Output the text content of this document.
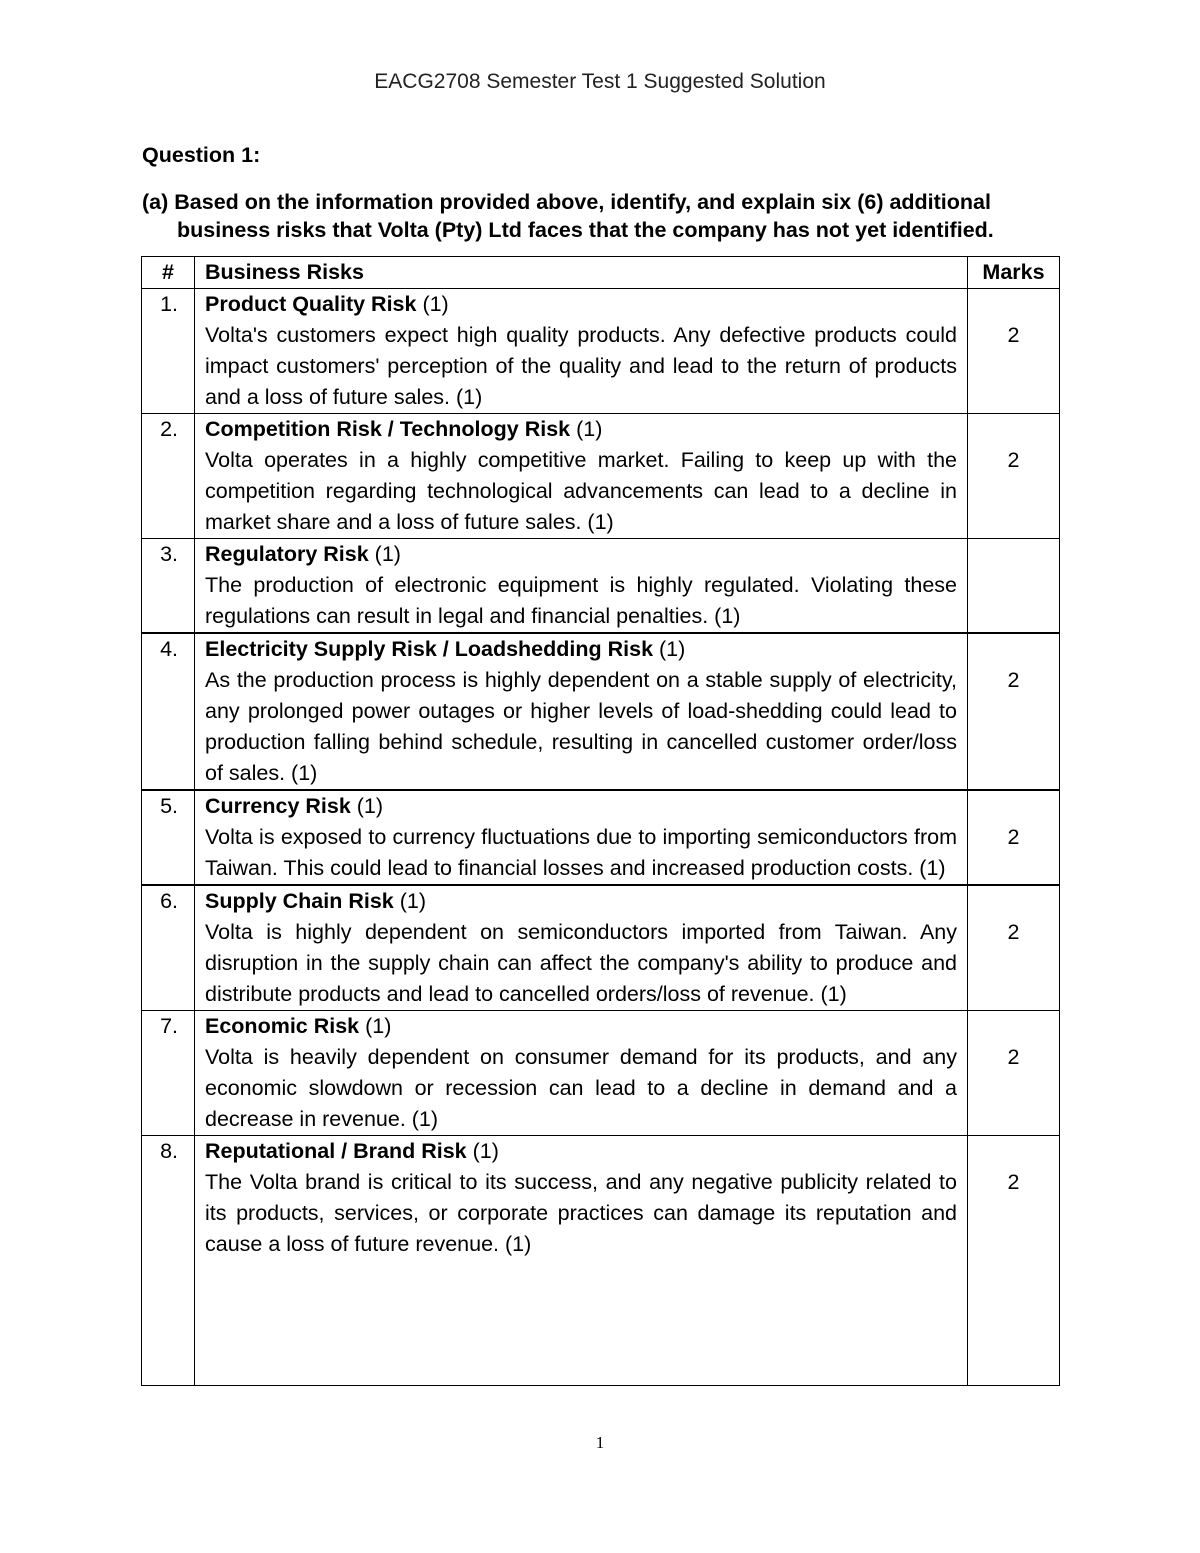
EACG2708 Semester Test 1 Suggested Solution
Question 1:
(a) Based on the information provided above, identify, and explain six (6) additional
business risks that Volta (Pty) Ltd faces that the company has not yet identified.
#	Business Risks	Marks
1.	Product Quality Risk (1)
Volta's customers expect high quality products. Any defective products could impact customers' perception of the quality and lead to the return of products and a loss of future sales. (1)	2
2.	Competition Risk / Technology Risk (1)
Volta operates in a highly competitive market. Failing to keep up with the competition regarding technological advancements can lead to a decline in market share and a loss of future sales. (1)	2
3.	Regulatory Risk (1)
The production of electronic equipment is highly regulated. Violating these regulations can result in legal and financial penalties. (1)	

4.	Electricity Supply Risk / Loadshedding Risk (1)
As the production process is highly dependent on a stable supply of electricity, any prolonged power outages or higher levels of load-shedding could lead to production falling behind schedule, resulting in cancelled customer order/loss of sales. (1)	2
5.	Currency Risk (1)
Volta is exposed to currency fluctuations due to importing semiconductors from Taiwan. This could lead to financial losses and increased production costs. (1)	2
6.	Supply Chain Risk (1)
Volta is highly dependent on semiconductors imported from Taiwan. Any disruption in the supply chain can affect the company's ability to produce and distribute products and lead to cancelled orders/loss of revenue. (1)	2
7.	Economic Risk (1)
Volta is heavily dependent on consumer demand for its products, and any economic slowdown or recession can lead to a decline in demand and a decrease in revenue. (1)	2
8.	Reputational / Brand Risk (1)
The Volta brand is critical to its success, and any negative publicity related to its products, services, or corporate practices can damage its reputation and cause a loss of future revenue. (1)	2
1
